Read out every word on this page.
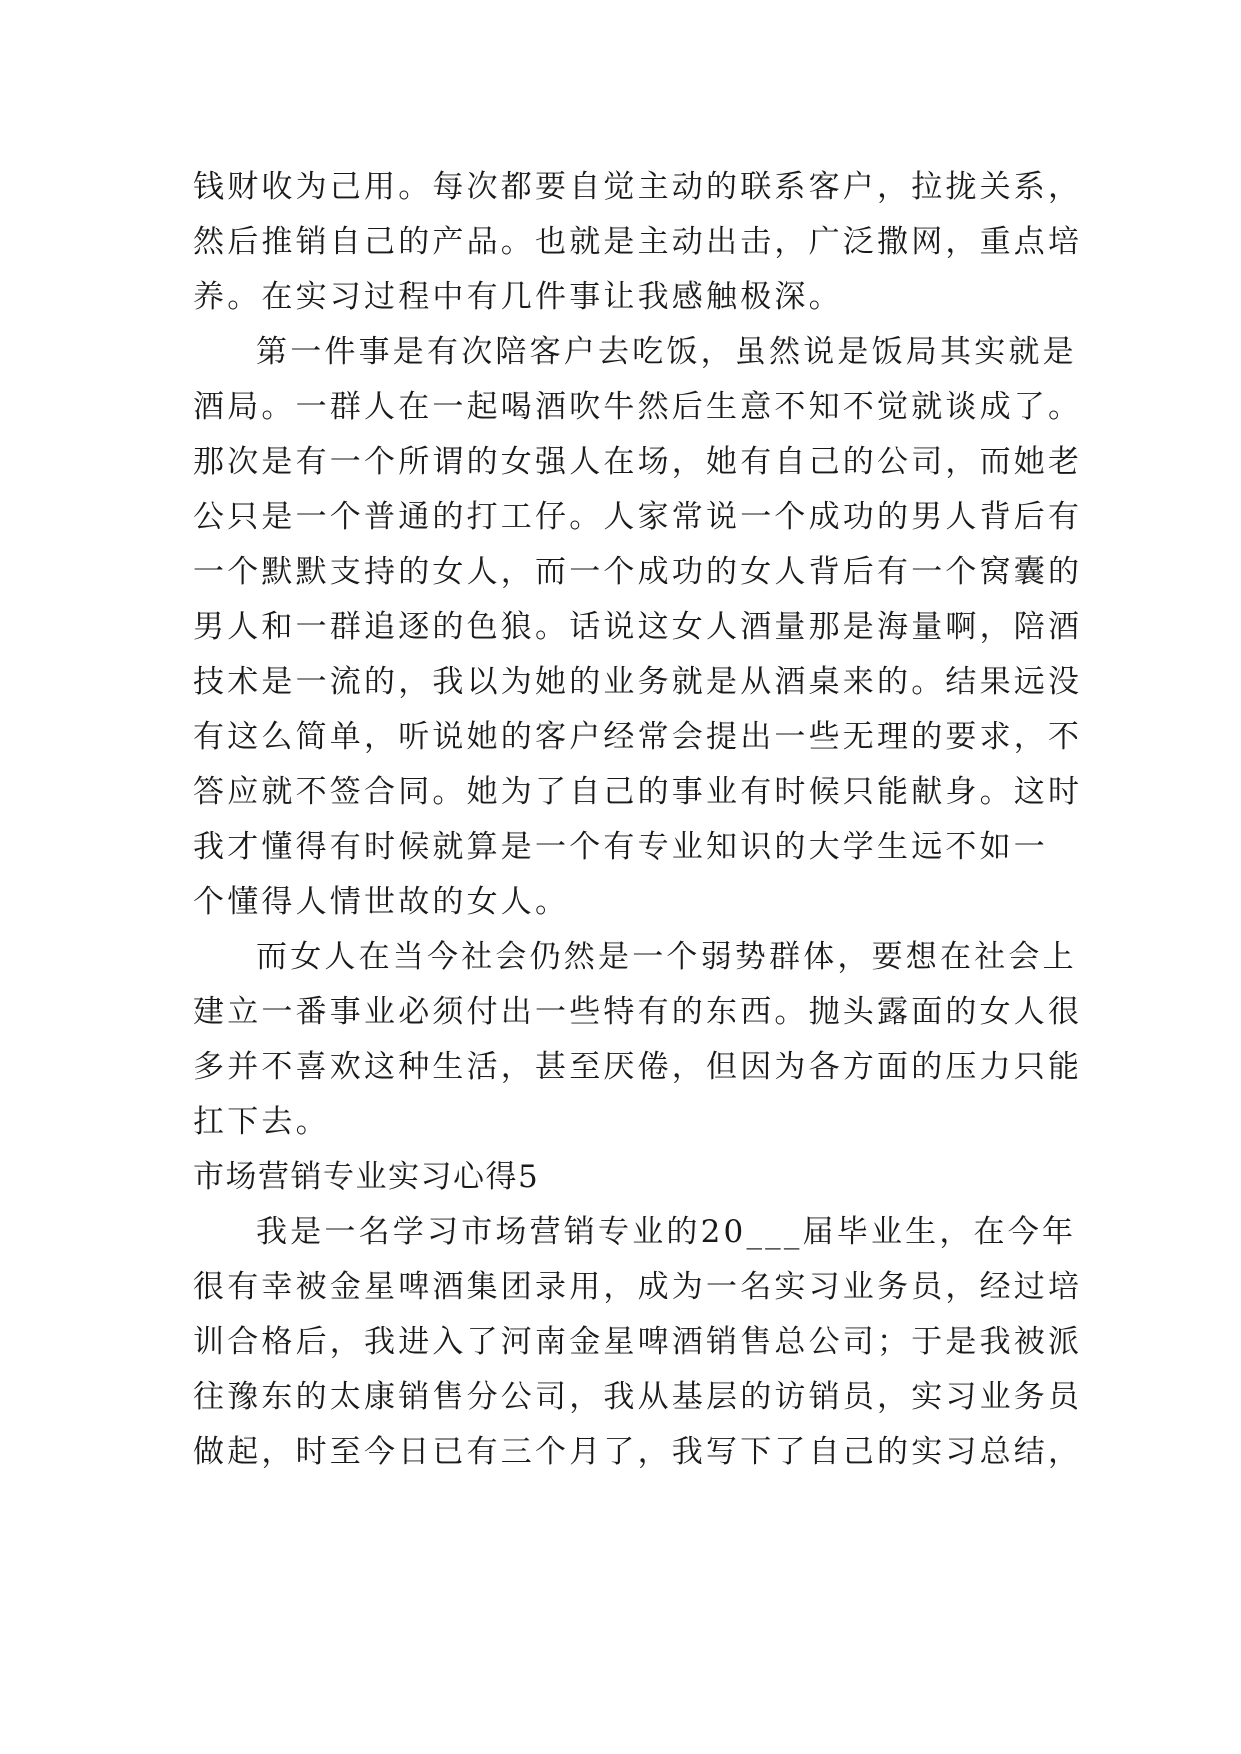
钱财收为己用。每次都要自觉主动的联系客户，拉拢关系，
然后推销自己的产品。也就是主动出击，广泛撒网，重点培
养。在实习过程中有几件事让我感触极深。
第一件事是有次陪客户去吃饭，虽然说是饭局其实就是
酒局。一群人在一起喝酒吹牛然后生意不知不觉就谈成了。
那次是有一个所谓的女强人在场，她有自己的公司，而她老
公只是一个普通的打工仔。人家常说一个成功的男人背后有
一个默默支持的女人，而一个成功的女人背后有一个窝囊的
男人和一群追逐的色狼。话说这女人酒量那是海量啊，陪酒
技术是一流的，我以为她的业务就是从酒桌来的。结果远没
有这么简单，听说她的客户经常会提出一些无理的要求，不
答应就不签合同。她为了自己的事业有时候只能献身。这时
我才懂得有时候就算是一个有专业知识的大学生远不如一
个懂得人情世故的女人。
而女人在当今社会仍然是一个弱势群体，要想在社会上
建立一番事业必须付出一些特有的东西。抛头露面的女人很
多并不喜欢这种生活，甚至厌倦，但因为各方面的压力只能
扛下去。
市场营销专业实习心得5
我是一名学习市场营销专业的20___届毕业生，在今年
很有幸被金星啤酒集团录用，成为一名实习业务员，经过培
训合格后，我进入了河南金星啤酒销售总公司；于是我被派
往豫东的太康销售分公司，我从基层的访销员，实习业务员
做起，时至今日已有三个月了，我写下了自己的实习总结，
